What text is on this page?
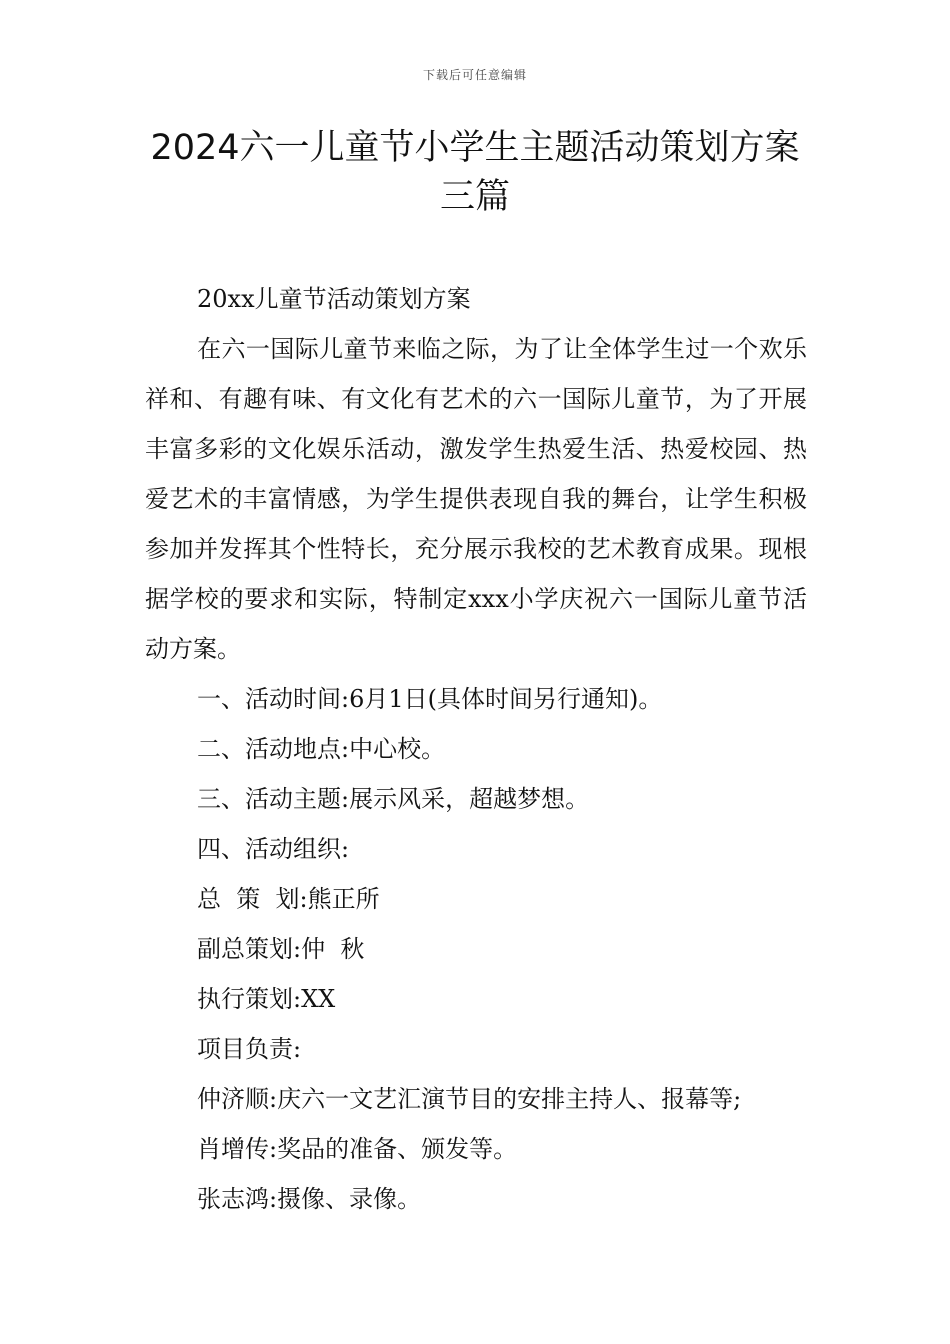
下载后可任意编辑
2024六一儿童节小学生主题活动策划方案
三篇

20xx儿童节活动策划方案

在六一国际儿童节来临之际，为了让全体学生过一个欢乐祥和、有趣有味、有文化有艺术的六一国际儿童节，为了开展丰富多彩的文化娱乐活动，激发学生热爱生活、热爱校园、热爱艺术的丰富情感，为学生提供表现自我的舞台，让学生积极参加并发挥其个性特长，充分展示我校的艺术教育成果。现根据学校的要求和实际，特制定xxx小学庆祝六一国际儿童节活动方案。

一、活动时间:6月1日(具体时间另行通知)。

二、活动地点:中心校。

三、活动主题:展示风采，超越梦想。

四、活动组织:

总  策  划:熊正所

副总策划:仲  秋

执行策划:XX

项目负责:

仲济顺:庆六一文艺汇演节目的安排主持人、报幕等;

肖增传:奖品的准备、颁发等。

张志鸿:摄像、录像。
